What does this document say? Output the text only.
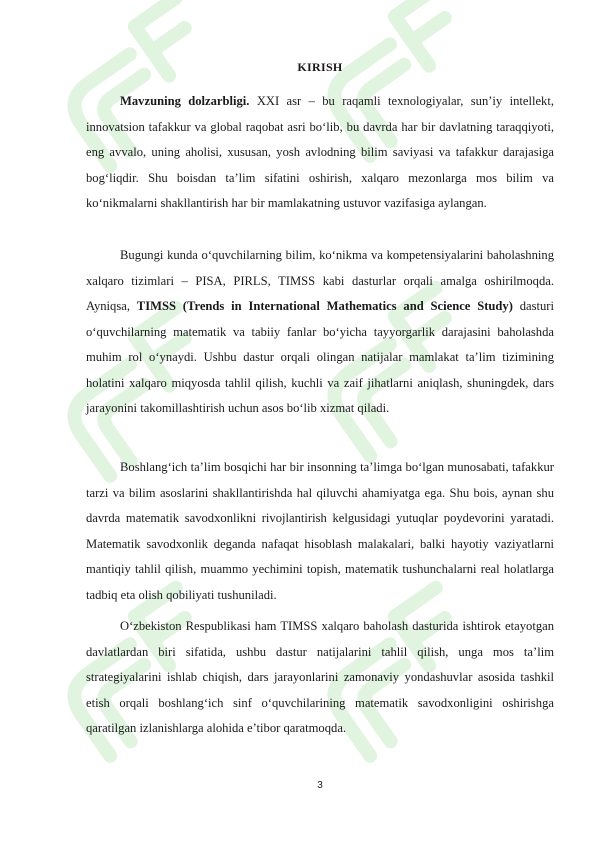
KIRISH

Mavzuning dolzarbligi. XXI asr – bu raqamli texnologiyalar, sun’iy intellekt, innovatsion tafakkur va global raqobat asri bo‘lib, bu davrda har bir davlatning taraqqiyoti, eng avvalo, uning aholisi, xususan, yosh avlodning bilim saviyasi va tafakkur darajasiga bog‘liqdir. Shu boisdan ta’lim sifatini oshirish, xalqaro mezonlarga mos bilim va ko‘nikmalarni shakllantirish har bir mamlakatning ustuvor vazifasiga aylangan.

Bugungi kunda o‘quvchilarning bilim, ko‘nikma va kompetensiyalarini baholashning xalqaro tizimlari – PISA, PIRLS, TIMSS kabi dasturlar orqali amalga oshirilmoqda. Ayniqsa, TIMSS (Trends in International Mathematics and Science Study) dasturi o‘quvchilarning matematik va tabiiy fanlar bo‘yicha tayyorgarlik darajasini baholashda muhim rol o‘ynaydi. Ushbu dastur orqali olingan natijalar mamlakat ta’lim tizimining holatini xalqaro miqyosda tahlil qilish, kuchli va zaif jihatlarni aniqlash, shuningdek, dars jarayonini takomillashtirish uchun asos bo‘lib xizmat qiladi.

Boshlang‘ich ta’lim bosqichi har bir insonning ta’limga bo‘lgan munosabati, tafakkur tarzi va bilim asoslarini shakllantirishda hal qiluvchi ahamiyatga ega. Shu bois, aynan shu davrda matematik savodxonlikni rivojlantirish kelgusidagi yutuqlar poydevorini yaratadi. Matematik savodxonlik deganda nafaqat hisoblash malakalari, balki hayotiy vaziyatlarni mantiqiy tahlil qilish, muammo yechimini topish, matematik tushunchalarni real holatlarga tadbiq eta olish qobiliyati tushuniladi.

O‘zbekiston Respublikasi ham TIMSS xalqaro baholash dasturida ishtirok etayotgan davlatlardan biri sifatida, ushbu dastur natijalarini tahlil qilish, unga mos ta’lim strategiyalarini ishlab chiqish, dars jarayonlarini zamonaviy yondashuvlar asosida tashkil etish orqali boshlang‘ich sinf o‘quvchilarining matematik savodxonligini oshirishga qaratilgan izlanishlarga alohida e’tibor qaratmoqda.

3
